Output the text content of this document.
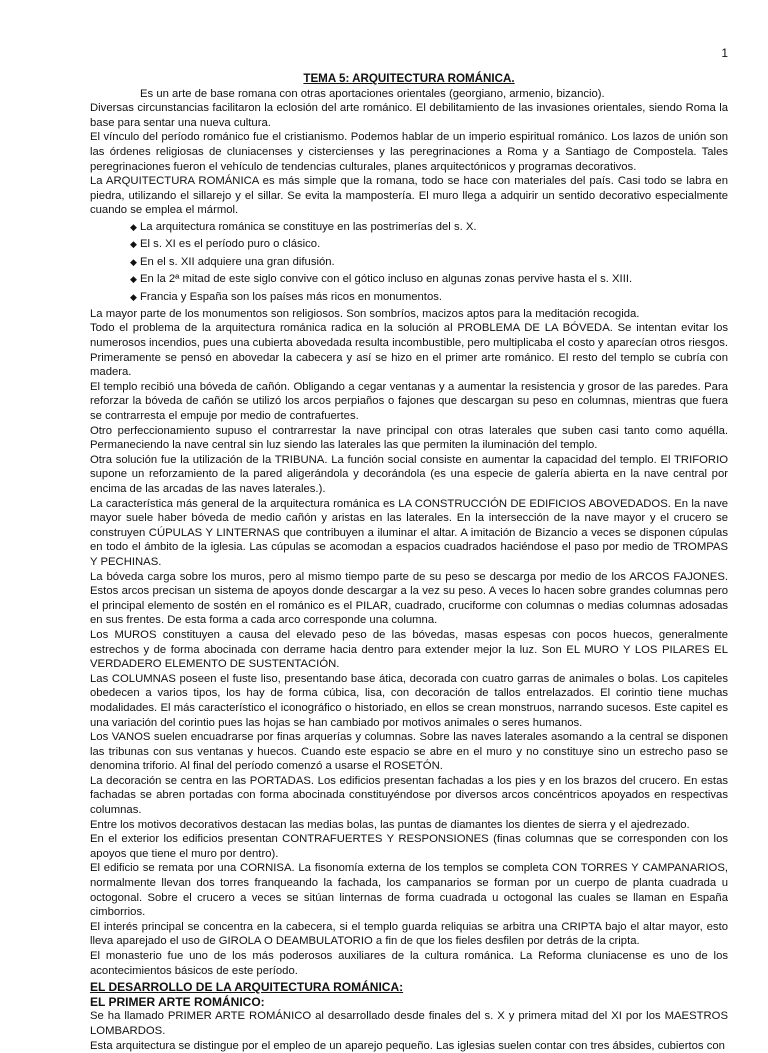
1
TEMA 5: ARQUITECTURA ROMÁNICA.

Es un arte de base romana con otras aportaciones orientales (georgiano, armenio, bizancio).

Diversas circunstancias facilitaron la eclosión del arte románico. El debilitamiento de las invasiones orientales, siendo Roma la base para sentar una nueva cultura.

El vínculo del período románico fue el cristianismo. Podemos hablar de un imperio espiritual románico. Los lazos de unión son las órdenes religiosas de cluniacenses y cistercienses y las peregrinaciones a Roma y a Santiago de Compostela. Tales peregrinaciones fueron el vehículo de tendencias culturales, planes arquitectónicos y programas decorativos.

La ARQUITECTURA ROMÁNICA es más simple que la romana, todo se hace con materiales del país. Casi todo se labra en piedra, utilizando el sillarejo y el sillar. Se evita la mampostería. El muro llega a adquirir un sentido decorativo especialmente cuando se emplea el mármol.

◆ La arquitectura románica se constituye en las postrimerías del s. X.
◆ El s. XI es el período puro o clásico.
◆ En el s. XII adquiere una gran difusión.
◆ En la 2ª mitad de este siglo convive con el gótico incluso en algunas zonas pervive hasta el s. XIII.
◆ Francia y España son los países más ricos en monumentos.

La mayor parte de los monumentos son religiosos. Son sombríos, macizos aptos para la meditación recogida.

Todo el problema de la arquitectura románica radica en la solución al PROBLEMA DE LA BÓVEDA. Se intentan evitar los numerosos incendios, pues una cubierta abovedada resulta incombustible, pero multiplicaba el costo y aparecían otros riesgos.

Primeramente se pensó en abovedar la cabecera y así se hizo en el primer arte románico. El resto del templo se cubría con madera.

El templo recibió una bóveda de cañón. Obligando a cegar ventanas y a aumentar la resistencia y grosor de las paredes. Para reforzar la bóveda de cañón se utilizó los arcos perpiaños o fajones que descargan su peso en columnas, mientras que fuera se contrarresta el empuje por medio de contrafuertes.

Otro perfeccionamiento supuso el contrarrestar la nave principal con otras laterales que suben casi tanto como aquélla. Permaneciendo la nave central sin luz siendo las laterales las que permiten la iluminación del templo.

Otra solución fue la utilización de la TRIBUNA. La función social consiste en aumentar la capacidad del templo. El TRIFORIO supone un reforzamiento de la pared aligerándola y decorándola (es una especie de galería abierta en la nave central por encima de las arcadas de las naves laterales.).

La característica más general de la arquitectura románica es LA CONSTRUCCIÓN DE EDIFICIOS ABOVEDADOS. En la nave mayor suele haber bóveda de medio cañón y aristas en las laterales. En la intersección de la nave mayor y el crucero se construyen CÚPULAS Y LINTERNAS que contribuyen a iluminar el altar. A imitación de Bizancio a veces se disponen cúpulas en todo el ámbito de la iglesia. Las cúpulas se acomodan a espacios cuadrados haciéndose el paso por medio de TROMPAS Y PECHINAS.

La bóveda carga sobre los muros, pero al mismo tiempo parte de su peso se descarga por medio de los ARCOS FAJONES. Estos arcos precisan un sistema de apoyos donde descargar a la vez su peso. A veces lo hacen sobre grandes columnas pero el principal elemento de sostén en el románico es el PILAR, cuadrado, cruciforme con columnas o medias columnas adosadas en sus frentes. De esta forma a cada arco corresponde una columna.

Los MUROS constituyen a causa del elevado peso de las bóvedas, masas espesas con pocos huecos, generalmente estrechos y de forma abocinada con derrame hacia dentro para extender mejor la luz. Son EL MURO Y LOS PILARES EL VERDADERO ELEMENTO DE SUSTENTACIÓN.

Las COLUMNAS poseen el fuste liso, presentando base ática, decorada con cuatro garras de animales o bolas. Los capiteles obedecen a varios tipos, los hay de forma cúbica, lisa, con decoración de tallos entrelazados. El corintio tiene muchas modalidades. El más característico el iconográfico o historiado, en ellos se crean monstruos, narrando sucesos. Este capitel es una variación del corintio pues las hojas se han cambiado por motivos animales o seres humanos.

Los VANOS suelen encuadrarse por finas arquerías y columnas. Sobre las naves laterales asomando a la central se disponen las tribunas con sus ventanas y huecos. Cuando este espacio se abre en el muro y no constituye sino un estrecho paso se denomina triforio. Al final del período comenzó a usarse el ROSETÓN.

La decoración se centra en las PORTADAS. Los edificios presentan fachadas a los pies y en los brazos del crucero. En estas fachadas se abren portadas con forma abocinada constituyéndose por diversos arcos concéntricos apoyados en respectivas columnas.

Entre los motivos decorativos destacan las medias bolas, las puntas de diamantes los dientes de sierra y el ajedrezado.

En el exterior los edificios presentan CONTRAFUERTES Y RESPONSIONES (finas columnas que se corresponden con los apoyos que tiene el muro por dentro).

El edificio se remata por una CORNISA. La fisonomía externa de los templos se completa CON TORRES Y CAMPANARIOS, normalmente llevan dos torres franqueando la fachada, los campanarios se forman por un cuerpo de planta cuadrada u octogonal. Sobre el crucero a veces se sitúan linternas de forma cuadrada u octogonal las cuales se llaman en España cimborrios.

El interés principal se concentra en la cabecera, si el templo guarda reliquias se arbitra una CRIPTA bajo el altar mayor, esto lleva aparejado el uso de GIROLA O DEAMBULATORIO a fin de que los fieles desfilen por detrás de la cripta.

El monasterio fue uno de los más poderosos auxiliares de la cultura románica. La Reforma cluniacense es uno de los acontecimientos básicos de este período.

EL DESARROLLO DE LA ARQUITECTURA ROMÁNICA:
EL PRIMER ARTE ROMÁNICO:

Se ha llamado PRIMER ARTE ROMÁNICO al desarrollado desde finales del s. X y primera mitad del XI por los MAESTROS LOMBARDOS.

Esta arquitectura se distingue por el empleo de un aparejo pequeño. Las iglesias suelen contar con tres ábsides, cubiertos con
